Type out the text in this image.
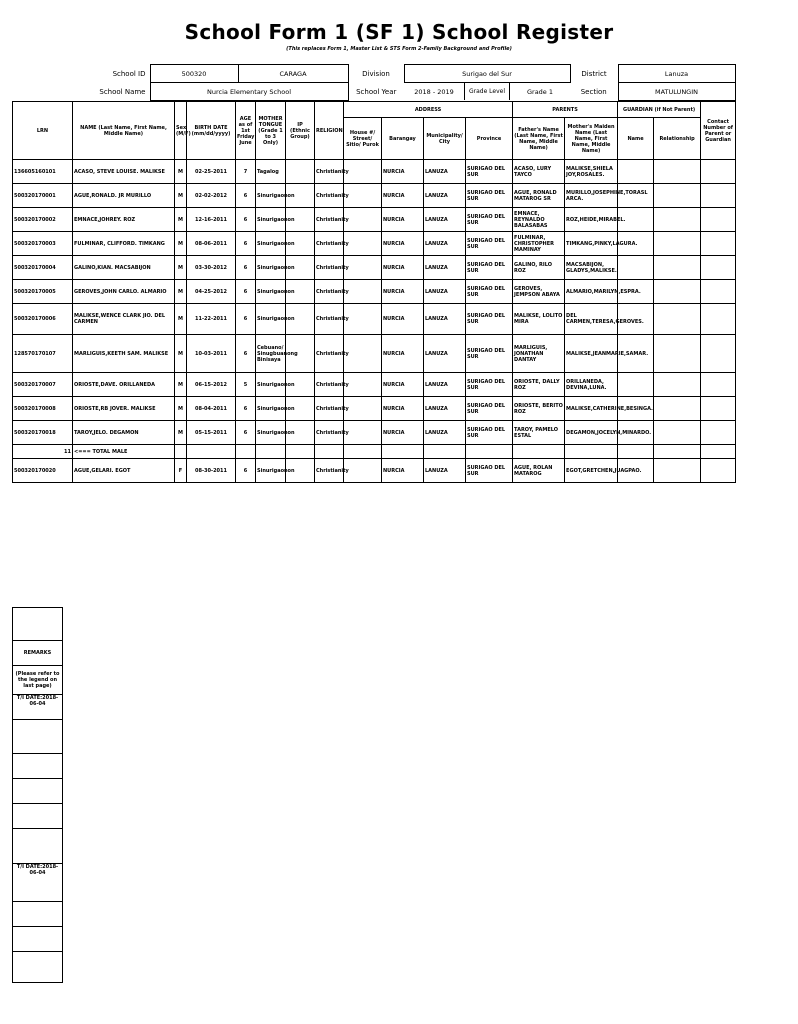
School Form 1 (SF 1) School Register
(This replaces Form 1, Master List & STS Form 2-Family Background and Profile)
School ID	500320	CARAGA	Division	Surigao del Sur	District	Lanuza
School Name	Nurcia Elementary School	School Year		2018 - 2019	Grade Level	Grade 1
		Section	MATULUNGIN
LRN	NAME (Last Name, First Name, Middle Name)	Sex (M/F)	BIRTH DATE (mm/dd/yyyy)	AGE as of 1st Friday June	MOTHER TONGUE (Grade 1 to 3 Only)	IP (Ethnic Group)	RELIGION	ADDRESS				PARENTS		GUARDIAN (if Not Parent)		Contact Number of Parent or Guardian
								House #/ Street/ Sitio/ Purok	Barangay	Municipality/ City	Province	Father's Name (Last Name, First Name, Middle Name)	Mother's Maiden Name (Last Name, First Name, Middle Name)	Name	Relationship	
136605160101	ACASO, STEVE LOUISE. MALIKSE	M	02-25-2011	7	Tagalog		Christianity		NURCIA	LANUZA	SURIGAO DEL SUR	ACASO, LURY TAYCO	MALIKSE,SHIELA JOY,ROSALES.			
500320170001	AGUE,RONALD. JR MURILLO	M	02-02-2012	6	Sinurigaonon		Christianity		NURCIA	LANUZA	SURIGAO DEL SUR	AGUE, RONALD MATAROG SR	MURILLO,JOSEPHINE,TORASL ARCA.			
500320170002	EMNACE,JOHREY. ROZ	M	12-16-2011	6	Sinurigaonon		Christianity		NURCIA	LANUZA	SURIGAO DEL SUR	EMNACE, REYNALDO BALASABAS	ROZ,HEIDE,MIRABEL.			
500320170003	FULMINAR, CLIFFORD. TIMKANG	M	08-06-2011	6	Sinurigaonon		Christianity		NURCIA	LANUZA	SURIGAO DEL SUR	FULMINAR, CHRISTOPHER MAMINAY	TIMKANG,PINKY,LAGURA.			
500320170004	GALINO,KIAN. MACSABIJON	M	03-30-2012	6	Sinurigaonon		Christianity		NURCIA	LANUZA	SURIGAO DEL SUR	GALINO, RILO ROZ	MACSABIJON, GLADYS,MALIKSE.			
500320170005	GEROVES,JOHN CARLO. ALMARIO	M	04-25-2012	6	Sinurigaonon		Christianity		NURCIA	LANUZA	SURIGAO DEL SUR	GEROVES, JEMPSON ABAYA	ALMARIO,MARILYN,ESPRA.			
500320170006	MALIKSE,WENCE CLARK JIO. DEL CARMEN	M	11-22-2011	6	Sinurigaonon		Christianity		NURCIA	LANUZA	SURIGAO DEL SUR	MALIKSE, LOLITO MIRA	DEL CARMEN,TERESA,GEROVES.			
128570170107	MARLIGUIS,KEETH SAM. MALIKSE	M	10-03-2011	6	Cebuano/ Sinugbuanong Binisaya		Christianity		NURCIA	LANUZA	SURIGAO DEL SUR	MARLIGUIS, JONATHAN DANTAY	MALIKSE,JEANMARIE,SAMAR.			
500320170007	ORIOSTE,DAVE. ORILLANEDA	M	06-15-2012	5	Sinurigaonon		Christianity		NURCIA	LANUZA	SURIGAO DEL SUR	ORIOSTE, DALLY ROZ	ORILLANEDA, DEVINA,LUNA.			
500320170008	ORIOSTE,RB JOVER. MALIKSE	M	08-04-2011	6	Sinurigaonon		Christianity		NURCIA	LANUZA	SURIGAO DEL SUR	ORIOSTE, BERITO ROZ	MALIKSE,CATHERINE,BESINGA.			
500320170018	TAROY,JELO. DEGAMON	M	05-15-2011	6	Sinurigaonon		Christianity		NURCIA	LANUZA	SURIGAO DEL SUR	TAROY, PAMELO ESTAL	DEGAMON,JOCELYN,MINARDO.			
11	<=== TOTAL MALE															
500320170020	AGUE,GELARI. EGOT	F	08-30-2011	6	Sinurigaonon		Christianity		NURCIA	LANUZA	SURIGAO DEL SUR	AGUE, ROLAN MATAROG	EGOT,GRETCHEN,JUAGPAO.			

REMARKS
(Please refer to the legend on last page)
T/I DATE:2018-06-04

T/I DATE:2018-06-04
